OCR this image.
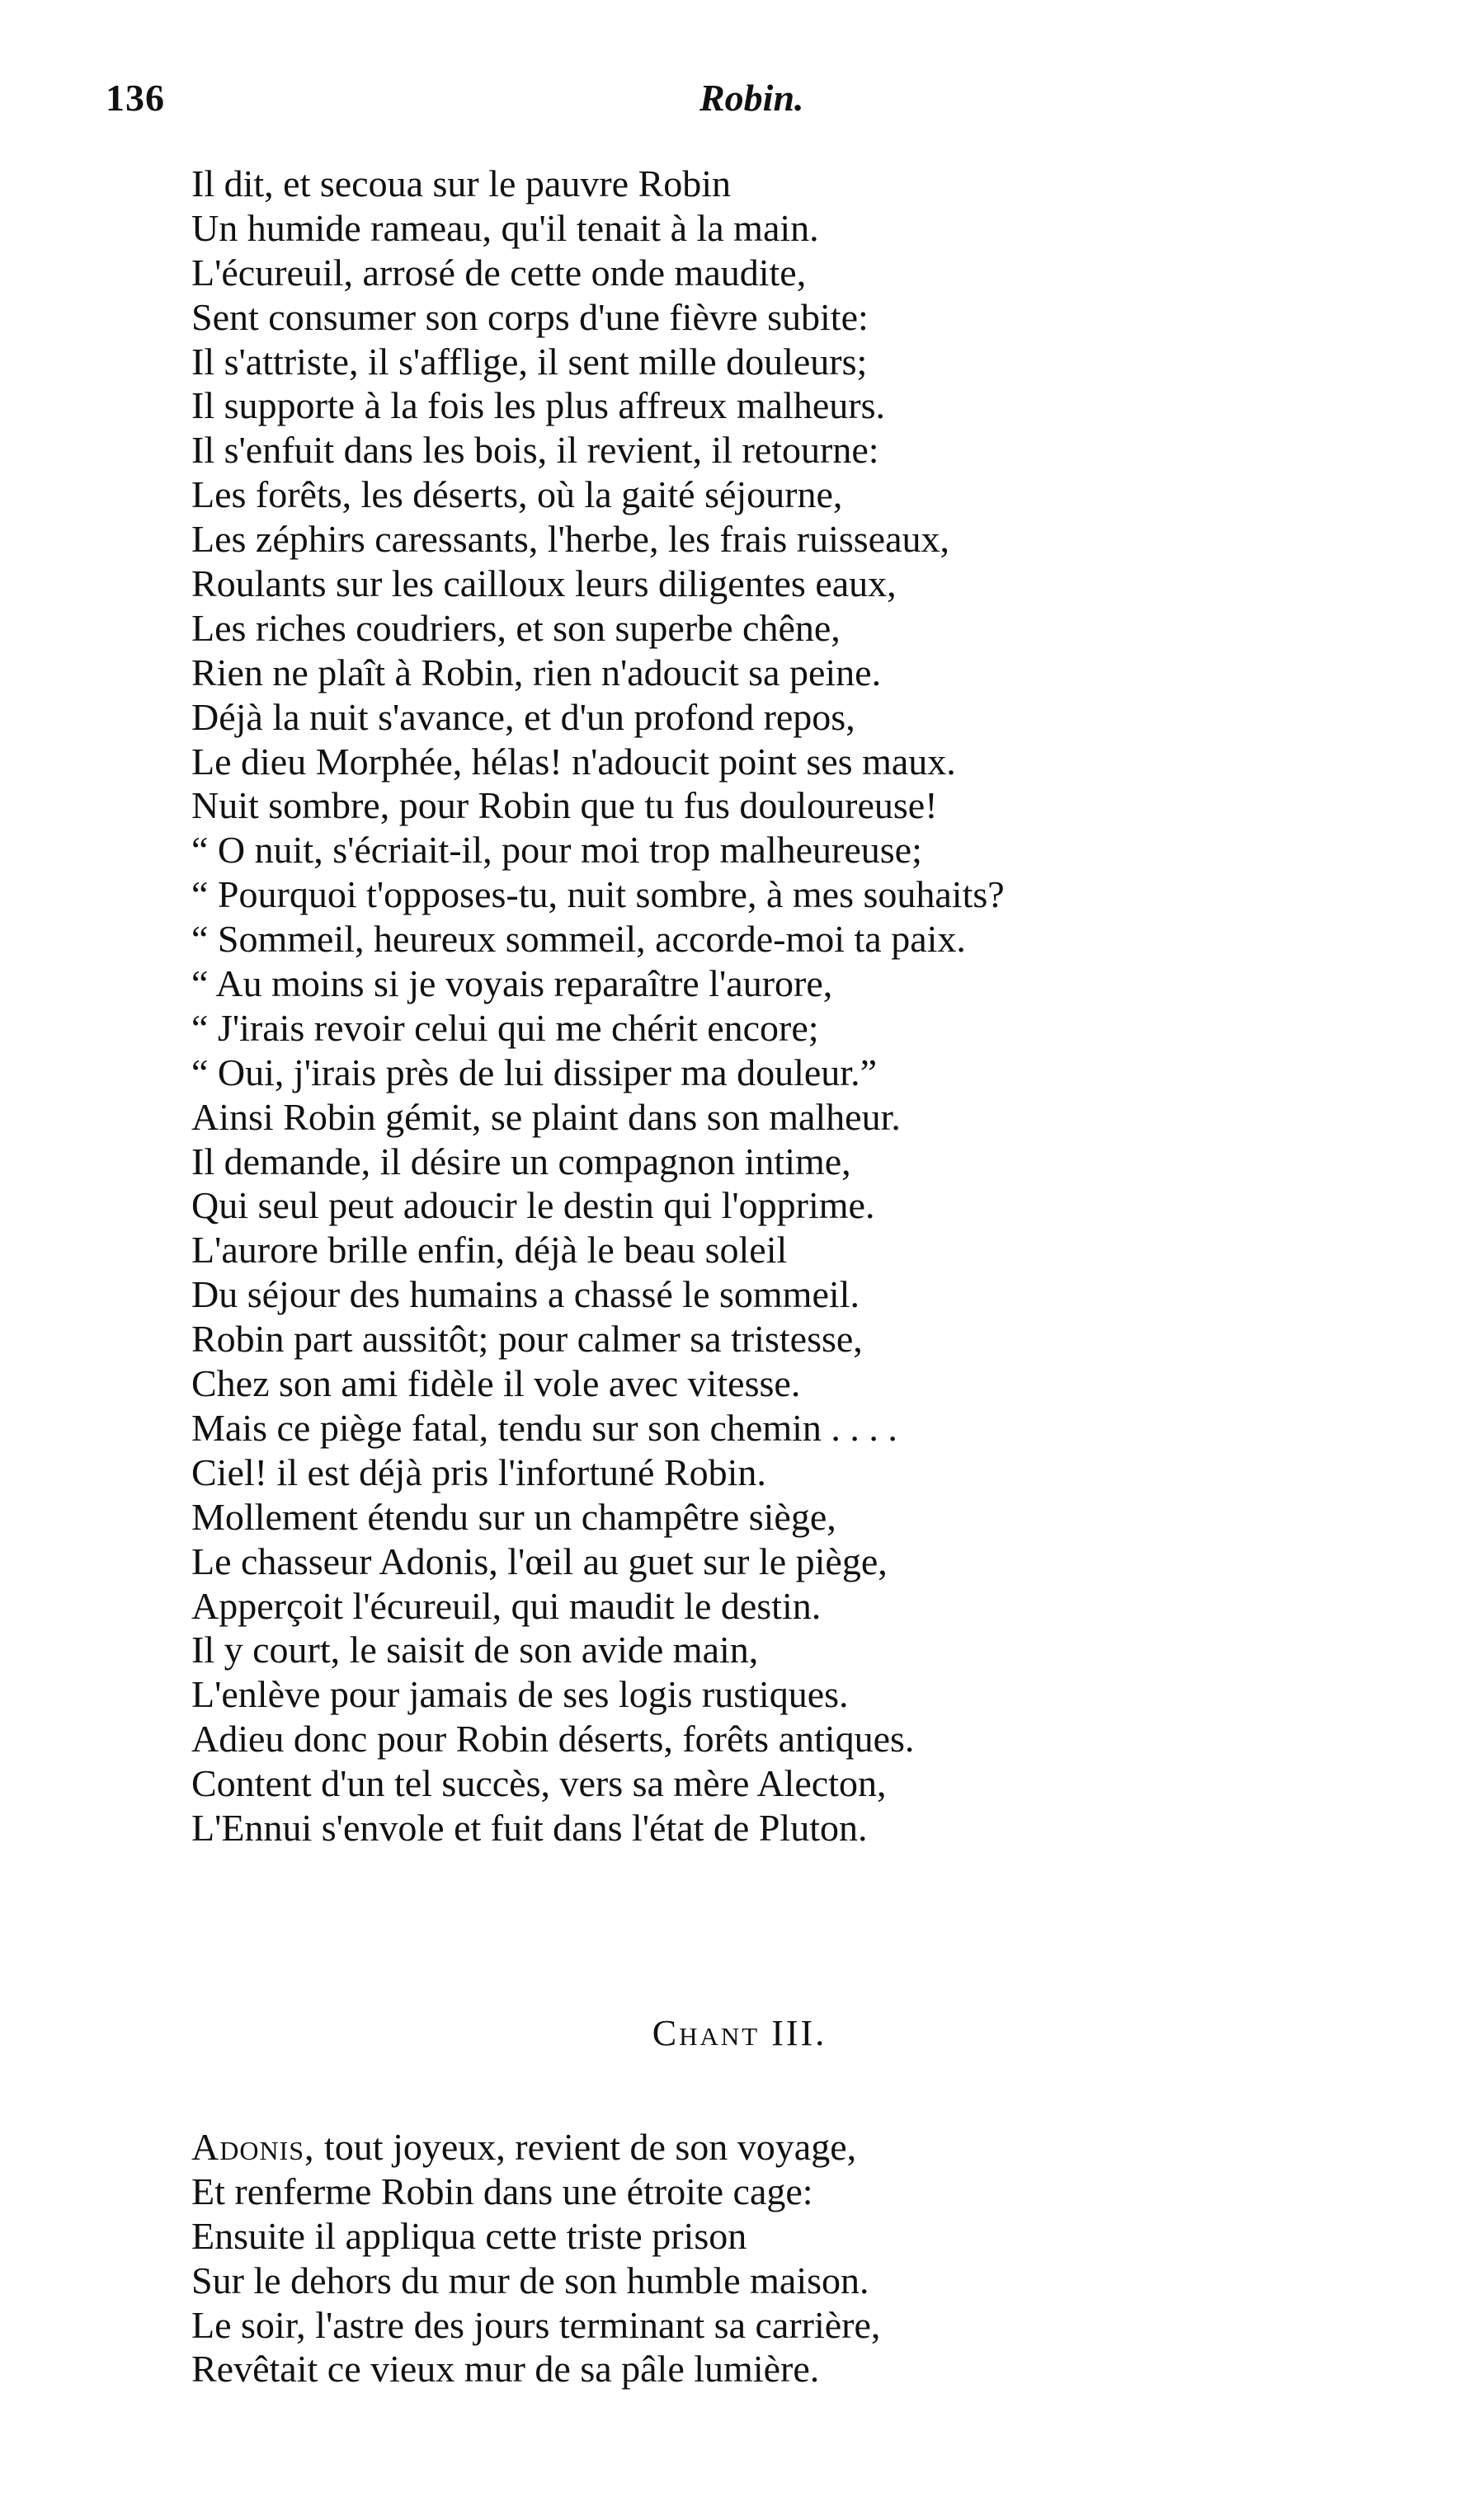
136	Robin.
Il dit, et secoua sur le pauvre Robin
Un humide rameau, qu'il tenait à la main.
L'écureuil, arrosé de cette onde maudite,
Sent consumer son corps d'une fièvre subite:
Il s'attriste, il s'afflige, il sent mille douleurs;
Il supporte à la fois les plus affreux malheurs.
Il s'enfuit dans les bois, il revient, il retourne:
Les forêts, les déserts, où la gaité séjourne,
Les zéphirs caressants, l'herbe, les frais ruisseaux,
Roulants sur les cailloux leurs diligentes eaux,
Les riches coudriers, et son superbe chêne,
Rien ne plaît à Robin, rien n'adoucit sa peine.
Déjà la nuit s'avance, et d'un profond repos,
Le dieu Morphée, hélas! n'adoucit point ses maux.
Nuit sombre, pour Robin que tu fus douloureuse!
“ O nuit, s'écriait-il, pour moi trop malheureuse;
“ Pourquoi t'opposes-tu, nuit sombre, à mes souhaits?
“ Sommeil, heureux sommeil, accorde-moi ta paix.
“ Au moins si je voyais reparaître l'aurore,
“ J'irais revoir celui qui me chérit encore;
“ Oui, j'irais près de lui dissiper ma douleur.”
Ainsi Robin gémit, se plaint dans son malheur.
Il demande, il désire un compagnon intime,
Qui seul peut adoucir le destin qui l'opprime.
L'aurore brille enfin, déjà le beau soleil
Du séjour des humains a chassé le sommeil.
Robin part aussitôt; pour calmer sa tristesse,
Chez son ami fidèle il vole avec vitesse.
Mais ce piège fatal, tendu sur son chemin . . . .
Ciel! il est déjà pris l'infortuné Robin.
Mollement étendu sur un champêtre siège,
Le chasseur Adonis, l'œil au guet sur le piège,
Apperçoit l'écureuil, qui maudit le destin.
Il y court, le saisit de son avide main,
L'enlève pour jamais de ses logis rustiques.
Adieu donc pour Robin déserts, forêts antiques.
Content d'un tel succès, vers sa mère Alecton,
L'Ennui s'envole et fuit dans l'état de Pluton.
Chant III.
Adonis, tout joyeux, revient de son voyage,
Et renferme Robin dans une étroite cage:
Ensuite il appliqua cette triste prison
Sur le dehors du mur de son humble maison.
Le soir, l'astre des jours terminant sa carrière,
Revêtait ce vieux mur de sa pâle lumière.
